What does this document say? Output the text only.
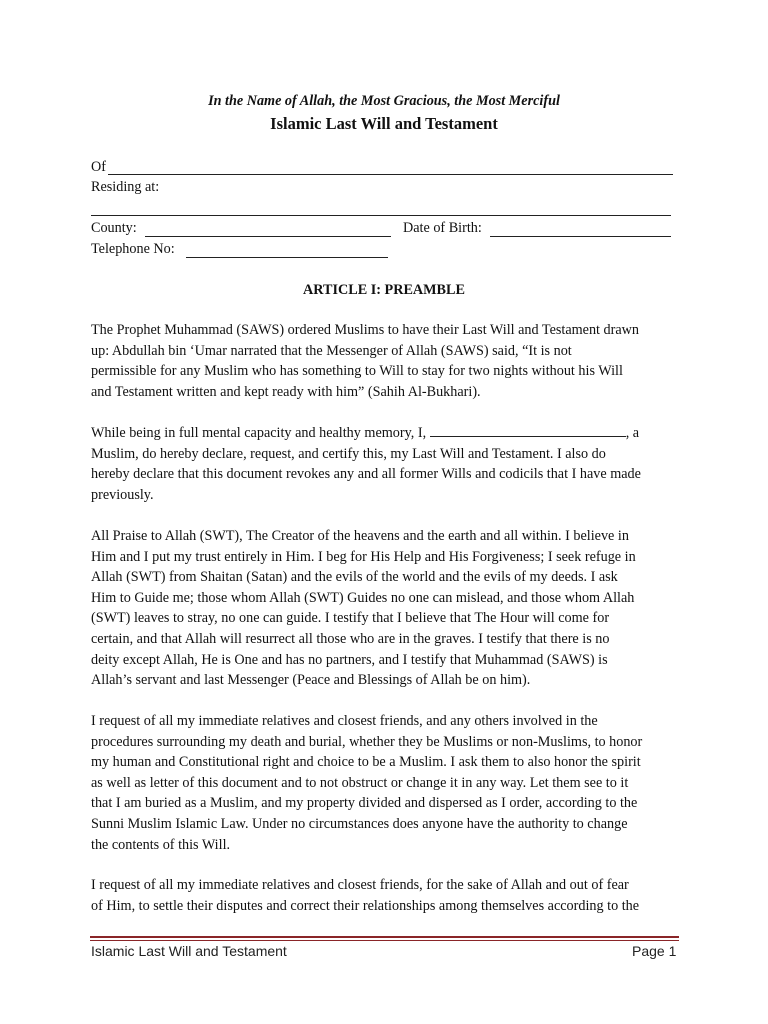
In the Name of Allah, the Most Gracious, the Most Merciful
Islamic Last Will and Testament
Of
Residing at:
County:	Date of Birth:
Telephone No:
ARTICLE I: PREAMBLE
The Prophet Muhammad (SAWS) ordered Muslims to have their Last Will and Testament drawn
up: Abdullah bin ‘Umar narrated that the Messenger of Allah (SAWS) said, “It is not
permissible for any Muslim who has something to Will to stay for two nights without his Will
and Testament written and kept ready with him” (Sahih Al-Bukhari).
While being in full mental capacity and healthy memory, I,	, a
Muslim, do hereby declare, request, and certify this, my Last Will and Testament. I also do
hereby declare that this document revokes any and all former Wills and codicils that I have made
previously.
All Praise to Allah (SWT), The Creator of the heavens and the earth and all within. I believe in
Him and I put my trust entirely in Him. I beg for His Help and His Forgiveness; I seek refuge in
Allah (SWT) from Shaitan (Satan) and the evils of the world and the evils of my deeds. I ask
Him to Guide me; those whom Allah (SWT) Guides no one can mislead, and those whom Allah
(SWT) leaves to stray, no one can guide. I testify that I believe that The Hour will come for
certain, and that Allah will resurrect all those who are in the graves. I testify that there is no
deity except Allah, He is One and has no partners, and I testify that Muhammad (SAWS) is
Allah’s servant and last Messenger (Peace and Blessings of Allah be on him).
I request of all my immediate relatives and closest friends, and any others involved in the
procedures surrounding my death and burial, whether they be Muslims or non-Muslims, to honor
my human and Constitutional right and choice to be a Muslim. I ask them to also honor the spirit
as well as letter of this document and to not obstruct or change it in any way. Let them see to it
that I am buried as a Muslim, and my property divided and dispersed as I order, according to the
Sunni Muslim Islamic Law. Under no circumstances does anyone have the authority to change
the contents of this Will.
I request of all my immediate relatives and closest friends, for the sake of Allah and out of fear
of Him, to settle their disputes and correct their relationships among themselves according to the
Islamic Last Will and Testament	Page 1
